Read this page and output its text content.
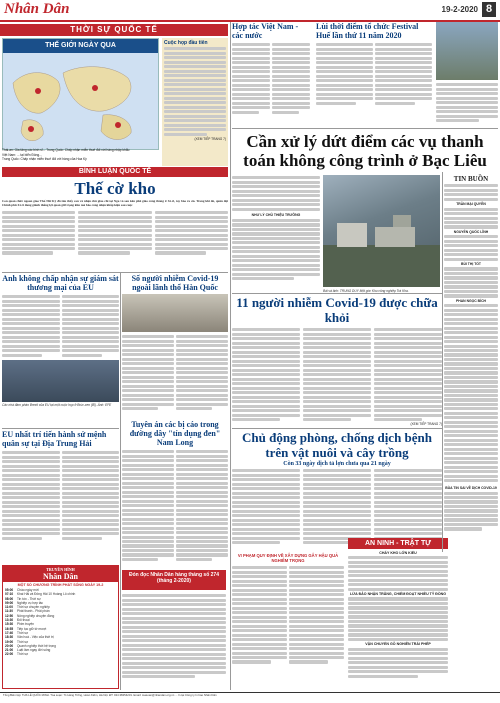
Nhân Dân	19-2-2020 8
THỜI SỰ QUỐC TẾ
THẾ GIỚI NGÀY QUA
Thái-an: Gia tăng các binh sĩ... Trung Quốc: Chấp nhận miễn thuế đối với hàng nhập khẩu
Việt Nam: ... tại biển Đông...
Trung Quốc: Chấp nhận miễn thuế đối với hàng của Hoa Kỳ
Cuộc họp đầu tiên
(XEM TIẾP TRANG 7)
Hợp tác Việt Nam - các nước
Lùi thời điểm tổ chức Festival Huế lần thứ 11 năm 2020
Cần xử lý dứt điểm các vụ thanh toán không công trình ở Bạc Liêu
NHƯ LÝ CHỦ THIỆU TRƯỞNG
Bài và ảnh: TRUNG DUY Một góc Khu công nghiệp Trà Kha.
TIN BUỒN
TRẦN MẠI QUYỀN
NGUYỄN QUỐC LĨNH
BÙI THỊ TỐT
PHAN NGỌC BÍCH
BÙA TIN SAI VỀ DỊCH COVID-19
BÌNH LUẬN QUỐC TẾ
Thế cờ kho
Con quan chức ngoan giao Thổ Nhĩ Kỳ đã tìm thấy con và nhận chú giáo chi tại Nga và sau kêu phủ giáo công thông ở Xi-ri, tay bảo ra ơn. Trong khi đó, quân đội Chính phủ Xi-ri đang giành thắng lợi quan giữ trọng khu mà bảo công nhận khắp kiện sau cuộc
Anh không chấp nhận sự giám sát thương mại của EU
Các nhà đàm phán Brexit của EU tại một cuộc họp ở Brúc-xen (Bỉ). Ảnh: EFE
EU nhất trí tiến hành sứ mệnh quân sự tại Địa Trung Hải
Số người nhiễm Covid-19 ngoài lãnh thổ Hàn Quốc
Tuyên án các bị cáo trong đường dây "tín dụng đen" Nam Long
11 người nhiễm Covid-19 được chữa khỏi
(XEM TIẾP TRANG 7)
Chủ động phòng, chống dịch bệnh trên vật nuôi và cây trồng
Còn 33 ngày dịch tả lợn chưa qua 21 ngày
VI PHẠM QUY ĐỊNH VỀ XÂY DỰNG GÂY HẬU QUẢ NGHIÊM TRỌNG
AN NINH - TRẬT TỰ
CHÁY KHO LỚN KIỂU
LỪA ĐẢO NHẬN TRĂNG, CHIẾM ĐOẠT NHIỀU TỶ ĐỒNG
VẬN CHUYỂN GỖ NGHIÊN TRÁI PHÉP
Đón đọc Nhân Dân hàng tháng số 274
(tháng 2-2020)
TRUYỀN HÌNH
Nhân Dân
MỘT SỐ CHƯƠNG TRÌNH PHÁT SÓNG NGÀY 19-2
05:00	Chào ngày mới
07:10	Khai Hải và Đông Hải 10 Hoàng Lô chính
08:00	Tin tức - Thời sự
09:00	Nghiệp vụ hợp tác
11:00	Thời sự chuyên nghiệp
11:30	Phát thanh - Phải phán
12:50	Nông nghiệp chuyện đồng
13:30	Đối thoại
15:30	Phim truyện
16:55	Tiếp tục giữ tờ mượt
17:40	Thời sự
18:30	Văn hoá - Việc của thời trị
19:00	Thời sự
20:00	Quanh nghiệp thời hệ trọng
21:00	Luật làm ngay đời sống
22:00	Thời sự
Tổng Biên tập: THS LÊ QUỐC MINH. Tòa soạn: 71 Hàng Trống, Hoàn Kiếm, Hà Nội. ĐT: 024.38254231. Email: toasoan@nhandan.org.vn ... In tại Công ty In báo Nhân Dân
